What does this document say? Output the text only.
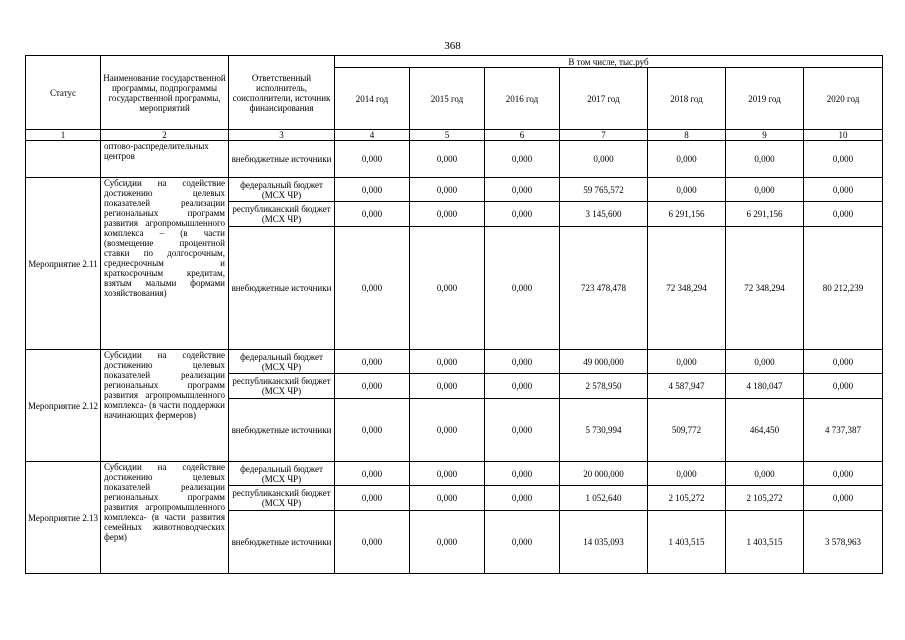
368
Статус	Наименование государственной программы, подпрограммы государственной программы, мероприятий	Ответственный исполнитель, соисполнители, источник финансирования	В том числе, тыс.руб						
			2014 год	2015 год	2016 год	2017 год	2018 год	2019 год	2020 год
1	2	3	4	5	6	7	8	9	10
	оптово-распределительных центров	внебюджетные источники	0,000	0,000	0,000	0,000	0,000	0,000	0,000
Мероприятие 2.11	Субсидии на содействие достижению целевых показателей реализации региональных программ развития агропромышленного комплекса – (в части (возмещение процентной ставки по долгосрочным, среднесрочным и краткосрочным кредитам, взятым малыми формами хозяйствования)	федеральный бюджет (МСХ ЧР)	0,000	0,000	0,000	59 765,572	0,000	0,000	0,000
		республиканский бюджет (МСХ ЧР)	0,000	0,000	0,000	3 145,600	6 291,156	6 291,156	0,000
		внебюджетные источники	0,000	0,000	0,000	723 478,478	72 348,294	72 348,294	80 212,239
Мероприятие 2.12	Субсидии на содействие достижению целевых показателей реализации региональных программ развития агропромышленного комплекса- (в части поддержки начинающих фермеров)	федеральный бюджет (МСХ ЧР)	0,000	0,000	0,000	49 000,000	0,000	0,000	0,000
		республиканский бюджет (МСХ ЧР)	0,000	0,000	0,000	2 578,950	4 587,947	4 180,047	0,000
		внебюджетные источники	0,000	0,000	0,000	5 730,994	509,772	464,450	4 737,387
Мероприятие 2.13	Субсидии на содействие достижению целевых показателей реализации региональных программ развития агропромышленного комплекса- (в части развития семейных животноводческих ферм)	федеральный бюджет (МСХ ЧР)	0,000	0,000	0,000	20 000,000	0,000	0,000	0,000
		республиканский бюджет (МСХ ЧР)	0,000	0,000	0,000	1 052,640	2 105,272	2 105,272	0,000
		внебюджетные источники	0,000	0,000	0,000	14 035,093	1 403,515	1 403,515	3 578,963
